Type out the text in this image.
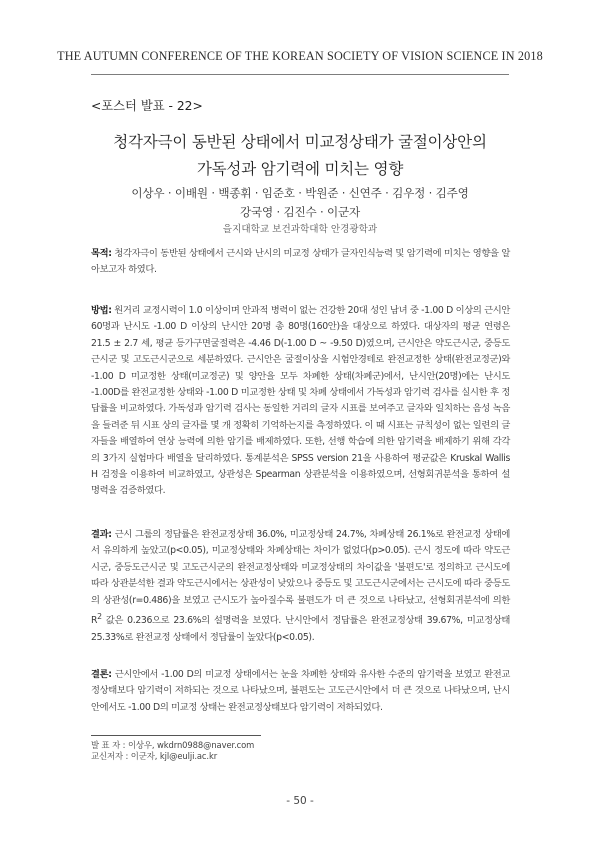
THE AUTUMN CONFERENCE OF THE KOREAN SOCIETY OF VISION SCIENCE IN 2018
<포스터 발표 - 22>
청각자극이 동반된 상태에서 미교정상태가 굴절이상안의
가독성과 암기력에 미치는 영향
이상우 · 이배원 · 백종휘 · 임준호 · 박원준 · 신연주 · 김우정 · 김주영
강국영 · 김진수 · 이군자
을지대학교 보건과학대학 안경광학과

목적: 청각자극이 동반된 상태에서 근시와 난시의 미교정 상태가 글자인식능력 및 암기력에 미치는 영향을 알아보고자 하였다.

방법: 원거리 교정시력이 1.0 이상이며 안과적 병력이 없는 건강한 20대 성인 남녀 중 -1.00 D 이상의 근시안 60명과 난시도 -1.00 D 이상의 난시안 20명 총 80명(160안)을 대상으로 하였다. 대상자의 평균 연령은 21.5 ± 2.7 세, 평균 등가구면굴절력은 -4.46 D(-1.00 D ~ -9.50 D)였으며, 근시안은 약도근시군, 중등도근시군 및 고도근시군으로 세분하였다. 근시안은 굴절이상을 시험안경테로 완전교정한 상태(완전교정군)와 -1.00 D 미교정한 상태(미교정군) 및 양안을 모두 차폐한 상태(차폐군)에서, 난시안(20명)에는 난시도 -1.00D를 완전교정한 상태와 -1.00 D 미교정한 상태 및 차폐 상태에서 가독성과 암기력 검사를 실시한 후 정답률을 비교하였다. 가독성과 암기력 검사는 동일한 거리의 글자 시표를 보여주고 글자와 일치하는 음성 녹음을 들려준 뒤 시표 상의 글자를 몇 개 정확히 기억하는지를 측정하였다. 이 때 시표는 규칙성이 없는 일련의 글자들을 배열하여 연상 능력에 의한 암기를 배제하였다. 또한, 선행 학습에 의한 암기력을 배제하기 위해 각각의 3가지 실험마다 배열을 달리하였다. 통계분석은 SPSS version 21을 사용하여 평균값은 Kruskal Wallis H 검정을 이용하여 비교하였고, 상관성은 Spearman 상관분석을 이용하였으며, 선형회귀분석을 통하여 설명력을 검증하였다.

결과: 근시 그룹의 정답률은 완전교정상태 36.0%, 미교정상태 24.7%, 차폐상태 26.1%로 완전교정 상태에서 유의하게 높았고(p<0.05), 미교정상태와 차폐상태는 차이가 없었다(p>0.05). 근시 정도에 따라 약도근시군, 중등도근시군 및 고도근시군의 완전교정상태와 미교정상태의 차이값을 '불편도'로 정의하고 근시도에 따라 상관분석한 결과 약도근시에서는 상관성이 낮았으나 중등도 및 고도근시군에서는 근시도에 따라 중등도의 상관성(r=0.486)을 보였고 근시도가 높아질수록 불편도가 더 큰 것으로 나타났고, 선형회귀분석에 의한 $R^2$ 값은 0.236으로 23.6%의 설명력을 보였다. 난시안에서 정답률은 완전교정상태 39.67%, 미교정상태 25.33%로 완전교정 상태에서 정답률이 높았다(p<0.05).

결론: 근시안에서 -1.00 D의 미교정 상태에서는 눈을 차폐한 상태와 유사한 수준의 암기력을 보였고 완전교정상태보다 암기력이 저하되는 것으로 나타났으며, 불편도는 고도근시안에서 더 큰 것으로 나타났으며, 난시안에서도 -1.00 D의 미교정 상태는 완전교정상태보다 암기력이 저하되었다.

발 표 자 : 이상우, wkdrn0988@naver.com
교신저자 : 이군자, kjl@eulji.ac.kr
- 50 -
